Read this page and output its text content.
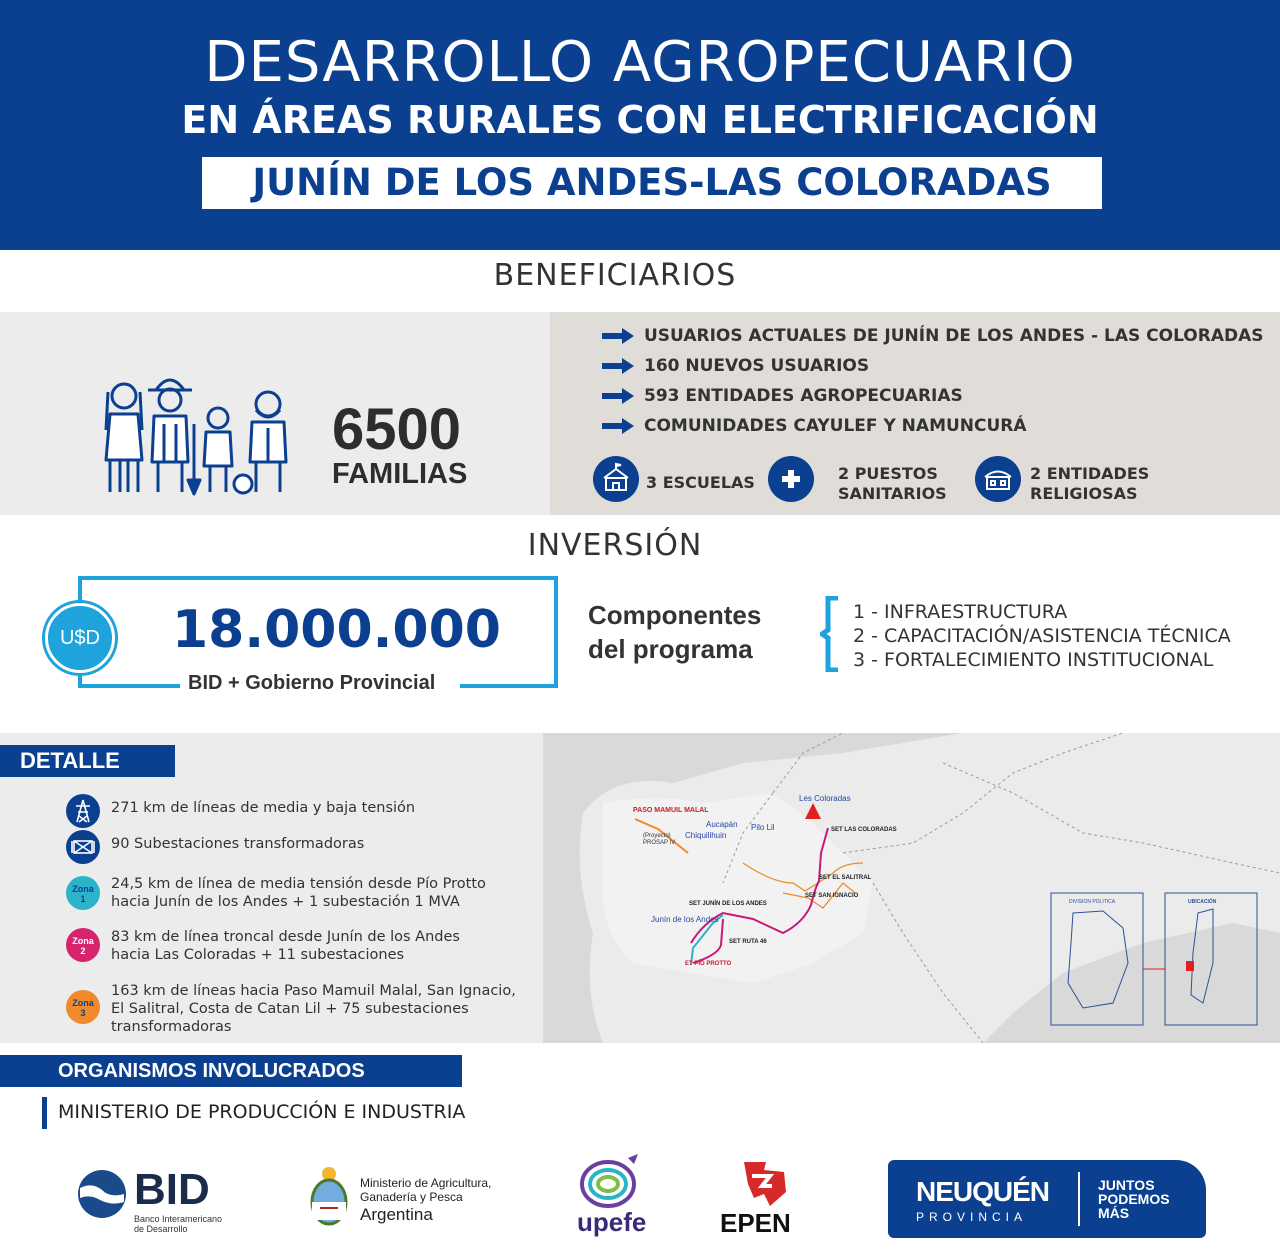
DESARROLLO AGROPECUARIO
EN ÁREAS RURALES CON ELECTRIFICACIÓN
JUNÍN DE LOS ANDES-LAS COLORADAS
BENEFICIARIOS
6500
FAMILIAS
USUARIOS ACTUALES DE JUNÍN DE LOS ANDES - LAS COLORADAS
160 NUEVOS USUARIOS
593 ENTIDADES AGROPECUARIAS
COMUNIDADES CAYULEF Y NAMUNCURÁ
3 ESCUELAS	2 PUESTOS
SANITARIOS
2 ENTIDADES
RELIGIOSAS
INVERSIÓN
U$D 18.000.000
BID + Gobierno Provincial
Componentes
del programa
1 - INFRAESTRUCTURA
2 - CAPACITACIÓN/ASISTENCIA TÉCNICA
3 - FORTALECIMIENTO INSTITUCIONAL
DETALLE
271 km de líneas de media y baja tensión
90 Subestaciones transformadoras
Zona
1
24,5 km de línea de media tensión desde Pío Protto
hacia Junín de los Andes + 1 subestación 1 MVA
Zona
2
83 km de línea troncal desde Junín de los Andes
hacia Las Coloradas + 11 subestaciones
Zona
3
163 km de líneas hacia Paso Mamuil Malal, San Ignacio,
El Salitral, Costa de Catan Lil + 75 subestaciones
transformadoras
Les Coloradas
PASO MAMUIL MALAL
(Proyecto)
PROSAP IV
Aucapán
Chiquilihuin
Pilo Lil	SET LAS COLORADAS
SET EL SALITRAL
SET SAN IGNACIO
SET JUNÍN DE LOS ANDES
Junín de los Andes
SET RUTA 46
ET PÍO PROTTO
DIVISION POLITICA	UBICACIÓN
ORGANISMOS INVOLUCRADOS
MINISTERIO DE PRODUCCIÓN E INDUSTRIA
BID
Banco Interamericano
de Desarrollo
Ministerio de Agricultura,
Ganadería y Pesca
Argentina	upefe	EPEN
NEUQUÉN
PROVINCIA
JUNTOS
PODEMOS
MÁS
